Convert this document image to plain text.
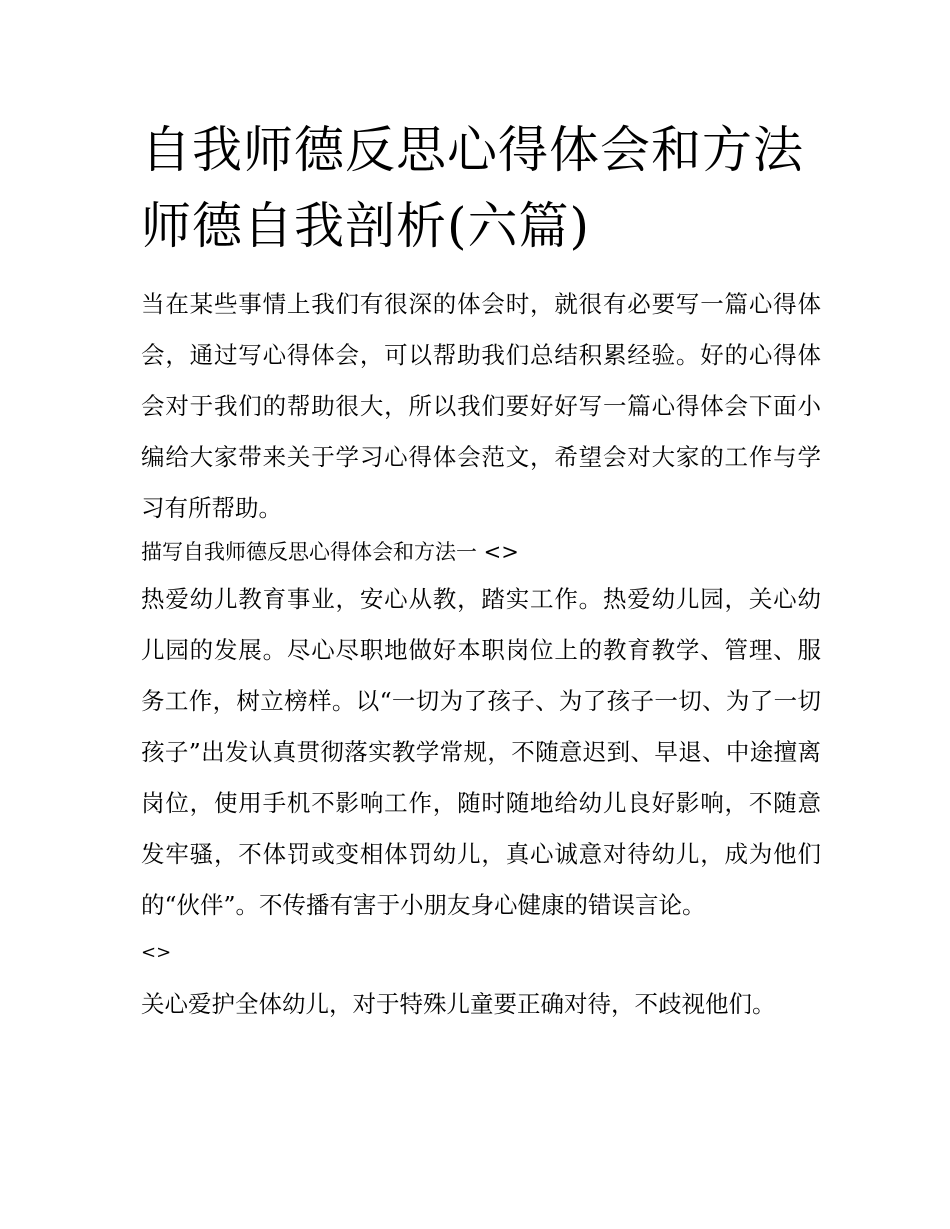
自我师德反思心得体会和方法师德自我剖析(六篇)

当在某些事情上我们有很深的体会时，就很有必要写一篇心得体会，通过写心得体会，可以帮助我们总结积累经验。好的心得体会对于我们的帮助很大，所以我们要好好写一篇心得体会下面小编给大家带来关于学习心得体会范文，希望会对大家的工作与学习有所帮助。

描写自我师德反思心得体会和方法一 <>

热爱幼儿教育事业，安心从教，踏实工作。热爱幼儿园，关心幼儿园的发展。尽心尽职地做好本职岗位上的教育教学、管理、服务工作，树立榜样。以“一切为了孩子、为了孩子一切、为了一切孩子”出发认真贯彻落实教学常规，不随意迟到、早退、中途擅离岗位，使用手机不影响工作，随时随地给幼儿良好影响，不随意发牢骚，不体罚或变相体罚幼儿，真心诚意对待幼儿，成为他们的“伙伴”。不传播有害于小朋友身心健康的错误言论。

<>

关心爱护全体幼儿，对于特殊儿童要正确对待，不歧视他们。
